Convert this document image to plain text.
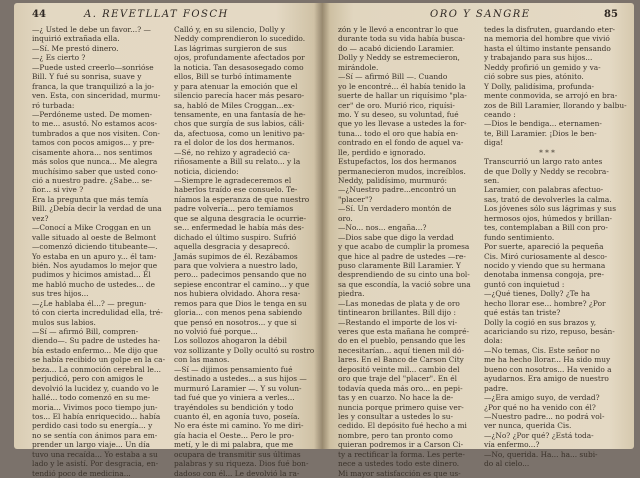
44	A. REVETLLAT FOSCH
—¿ Usted le debe un favor...? —
inquirió extrañada ella.
—Sí. Me prestó dinero.
—¿ Es cierto ?
—Puede usted creerlo—sonrióse
Bill. Y fué su sonrisa, suave y
franca, la que tranquilizó a la jo-
ven. Esta, con sinceridad, murmu-
ró turbada:
—Perdóneme usted. De momen-
to me... asustó. No estamos acos-
tumbrados a que nos visiten. Con-
tamos con pocos amigos... y pre-
cisamente ahora... nos sentimos
más solos que nunca... Me alegra
muchísimo saber que usted cono-
ció a nuestro padre. ¿Sabe... se-
ñor... si vive ?
Era la pregunta que más temía
Bill. ¿Debía decir la verdad de una
vez?
—Conocí a Mike Croggan en un
valle situado al oeste de Belmont
—comenzó diciendo titubeante—.
Yo estaba en un apuro y... él tam-
bién. Nos ayudamos lo mejor que
pudimos y hicimos amistad... Él
me habló mucho de ustedes... de
sus tres hijos...
—¿Le hablaba él...? — pregun-
tó con cierta incredulidad ella, tré-
mulos sus labios.
—Sí — afirmó Bill, compren-
diendo—. Su padre de ustedes ha-
bía estado enfermo... Me dijo que
se había recibido un golpe en la ca-
beza... La conmoción cerebral le...
perjudicó, pero con amigos le
devolvió la lucidez y, cuando vo le
hallé... todo comenzó en su me-
moria... Vivimos poco tiempo jun-
tos... El había enriquecido... había
perdido casi todo su energía... y
no se sentía con ánimos para em-
prender un largo viaje... Un día
tuvo una recaída... Yo estaba a su
lado y le asistí. Por desgracia, en-
tendió poco de medicina...
Calló y, en su silencio, Dolly y
Neddy comprendieron lo sucedido.
Las lágrimas surgieron de sus
ojos, profundamente afectados por
la noticia. Tan desasosegado como
ellos, Bill se turbó íntimamente
y para atenuar la emoción que el
silencio parecía hacer más pesaro-
sa, habló de Miles Croggan...ex-
tensamente, en una fantasía de he-
chos que surgía de sus labios, cáli-
da, afectuosa, como un lenitivo pa-
ra el dolor de los dos hermanos.
—Sé, no rehizo y agradeció ca-
riñosamente a Bill su relato... y la
noticia, diciendo:
—Siempre le agradeceremos el
haberlos traído ese consuelo. Te-
níamos la esperanza de que nuestro
padre volvería... pero temíamos
que se alguna desgracia le ocurrie-
se... enfermedad le había más des-
dichado el último suspiro. Sufrió
aquella desgracia y desaprecó.
Jamás supimos de él. Rezábamos
para que volviera a nuestro lado,
pero... padecimos pensando que no
sepiese encontrar el camino... y que
nos hubiera olvidado. Ahora resa-
remos para que Dios le tenga en su
gloria... con menos pena sabiendo
que pensó en nosotros... y que si
no volvió fué porque...
Los sollozos ahogaron la débil
voz sollizante y Dolly ocultó su rostro
con las manos.
—Sí — dijimos pensamiento fué
destinado a ustedes... a sus hijos —
murmuró Laramier —. Y su volun-
tad fué que yo viniera a verles...
trayéndoles su bendición y todo
cuanto él, en agonía tuvo, poseía.
No era éste mi camino. Yo me diri-
gía hacia el Oeste... Pero le pro-
metí, y le di mi palabra, que me
ocupara de transmitir sus últimas
palabras y su riqueza. Dios fué bon-
dadoso con él... Le devolvió la ra-
ORO Y SANGRE	85
zón y le llevó a encontrar lo que
durante toda su vida había busca-
do — acabó diciendo Laramier.
Dolly y Neddy se estremecieron,
mirándole.
—Sí — afirmó Bill —. Cuando
yo le encontré... él había tenido la
suerte de hallar un riquísimo "pla-
cer" de oro. Murió rico, riquísi-
mo. Y su deseo, su voluntad, fué
que yo les llevase a ustedes la for-
tuna... todo el oro que había en-
contrado en el fondo de aquel va-
lle, perdido e ignorado.
Estupefactos, los dos hermanos
permanecieron mudos, increíblos.
Neddy, palidísimo, murmuró:
—¿Nuestro padre...encontró un
"placer"?
—Sí. Un verdadero montón de
oro.
—No... nos... engaña...?
—Dios sabe que digo la verdad
y que acabo de cumplir la promesa
que hice al padre de ustedes —re-
puso claramente Bill Laramier. Y
desprendiendo de su cinto una bol-
sa que escondía, la vació sobre una
piedra.
—Las monedas de plata y de oro
tintinearon brillantes. Bill dijo :
—Restando el importe de los vi-
veres que esta mañana he compré-
do en el pueblo, pensando que les
necesitarían... aquí tienen mil dó-
lares. En el Banco de Carson City
depositó veinte mil... cambio del
oro que traje del "placer". En él
todavía queda más oro... en pepi-
tas y en cuarzo. No hace la de-
nuncia porque primero quise ver-
les y consultar a ustedes lo su-
cedido. El depósito fué hecho a mi
nombre, pero tan pronto como
quieran podremos ir a Carson Ci-
ty a rectificar la forma. Les perte-
nece a ustedes todo este dinero.
Mi mayor satisfacción es que us-
tedes la disfruten, guardando eter-
na memoria del hombre que vivió
hasta el último instante pensando
y trabajando para sus hijos...
Neddy profirió un gemido y va-
ció sobre sus pies, atónito.
Y Dolly, palidísima, profunda-
mente conmovida, se arrojó en bra-
zos de Bill Laramier, llorando y balbu-
ceando :
—Dios le bendiga... eternamen-
te, Bill Laramier. ¡Dios le ben-
diga!
* * *
Transcurrió un largo rato antes
de que Dolly y Neddy se recobra-
sen.
Laramier, con palabras afectuo-
sas, trató de devolverles la calma.
Los jóvenes sólo sus lágrimas y sus
hermosos ojos, húmedos y brillan-
tes, contemplaban a Bill con pro-
fundo sentimiento.
Por suerte, apareció la pequeña
Cis. Miró curiosamente al desco-
nocido y viendo que su hermana
denotaba inmensa congoja, pre-
guntó con inquietud :
—¿Qué tienes, Dolly? ¿Te ha
hecho llorar ese... hombre? ¿Por
qué estás tan triste?
Dolly la cogió en sus brazos y,
acariciando su rizo, repuso, besán-
dola:
—No temas, Cis. Este señor no
me ha hecho llorar... Ha sido muy
bueno con nosotros... Ha venido a
ayudarnos. Era amigo de nuestro
padre.
—¿Era amigo suyo, de verdad?
¿Por qué no ha venido con él?
—Nuestro padre... no podrá vol-
ver nunca, querida Cis.
—¿No? ¿Por qué? ¿Está toda-
vía enfermo...?
—No, querida. Ha... ha... subi-
do al cielo...
